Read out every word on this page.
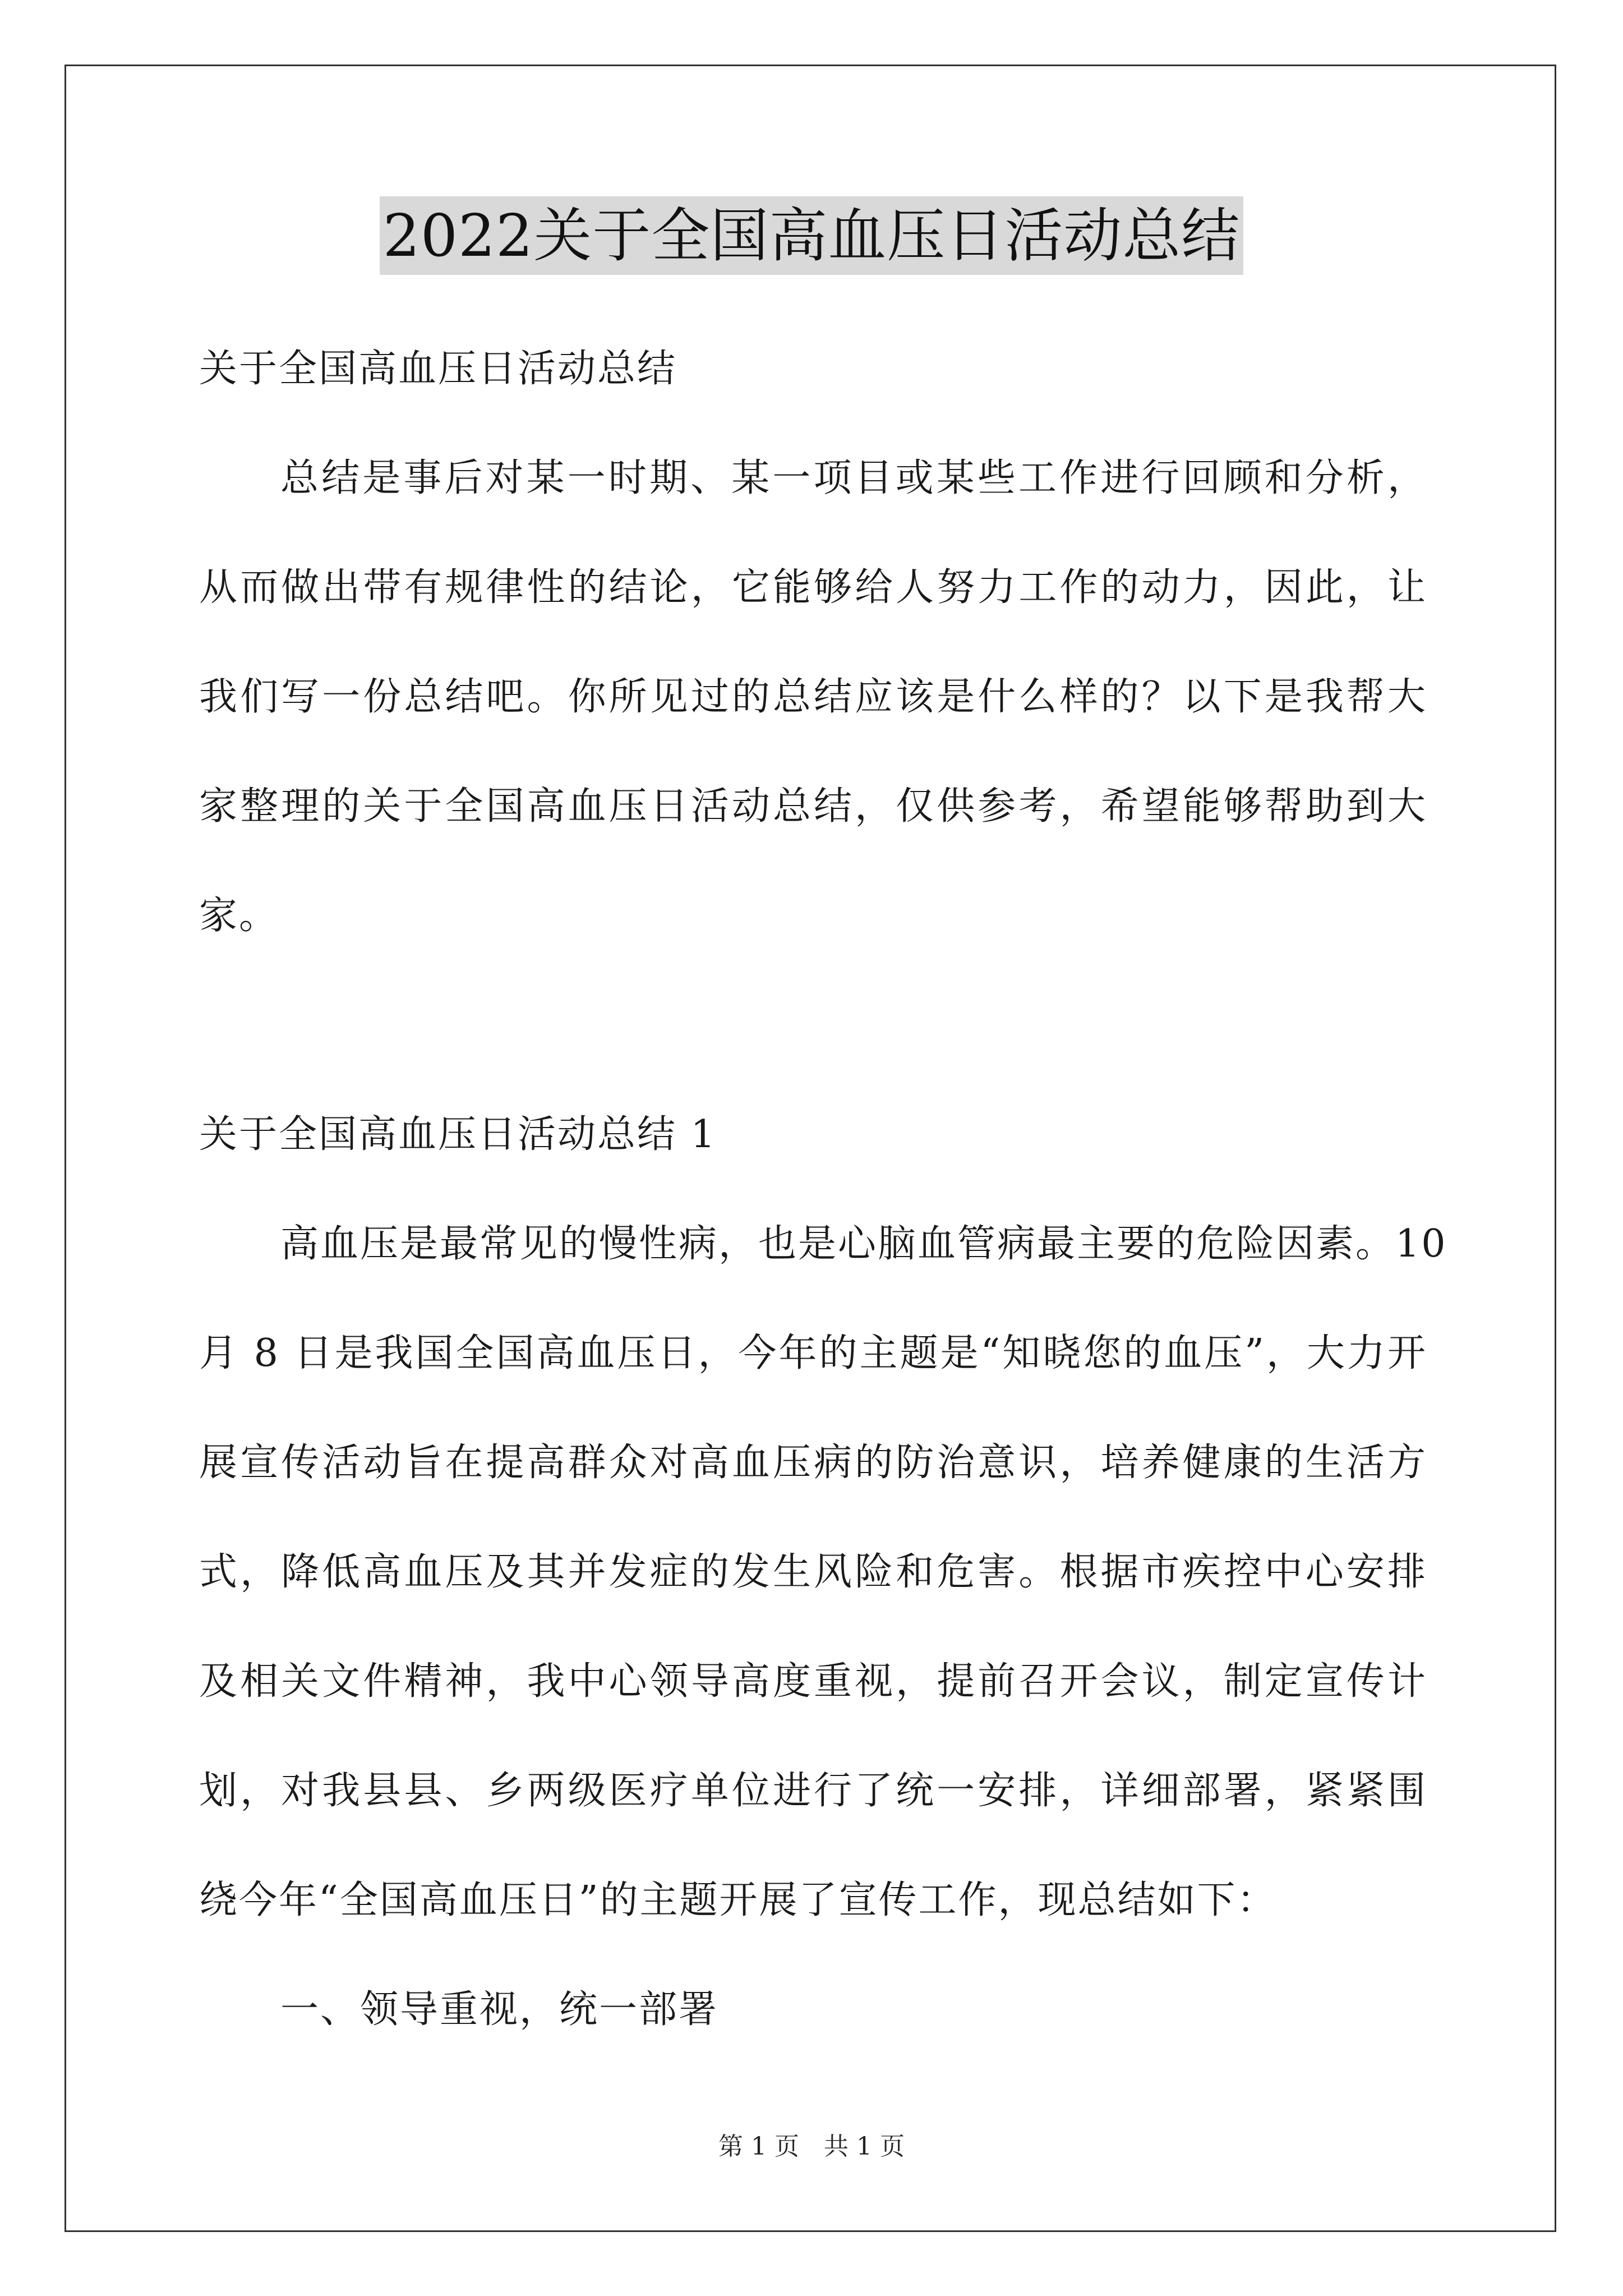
2022关于全国高血压日活动总结
关于全国高血压日活动总结
总结是事后对某一时期、某一项目或某些工作进行回顾和分析，
从而做出带有规律性的结论，它能够给人努力工作的动力，因此，让
我们写一份总结吧。你所见过的总结应该是什么样的？以下是我帮大
家整理的关于全国高血压日活动总结，仅供参考，希望能够帮助到大
家。
关于全国高血压日活动总结 1
高血压是最常见的慢性病，也是心脑血管病最主要的危险因素。10
月 8 日是我国全国高血压日，今年的主题是“知晓您的血压”，大力开
展宣传活动旨在提高群众对高血压病的防治意识，培养健康的生活方
式，降低高血压及其并发症的发生风险和危害。根据市疾控中心安排
及相关文件精神，我中心领导高度重视，提前召开会议，制定宣传计
划，对我县县、乡两级医疗单位进行了统一安排，详细部署，紧紧围
绕今年“全国高血压日”的主题开展了宣传工作，现总结如下：
一、领导重视，统一部署
第 1 页　共 1 页
